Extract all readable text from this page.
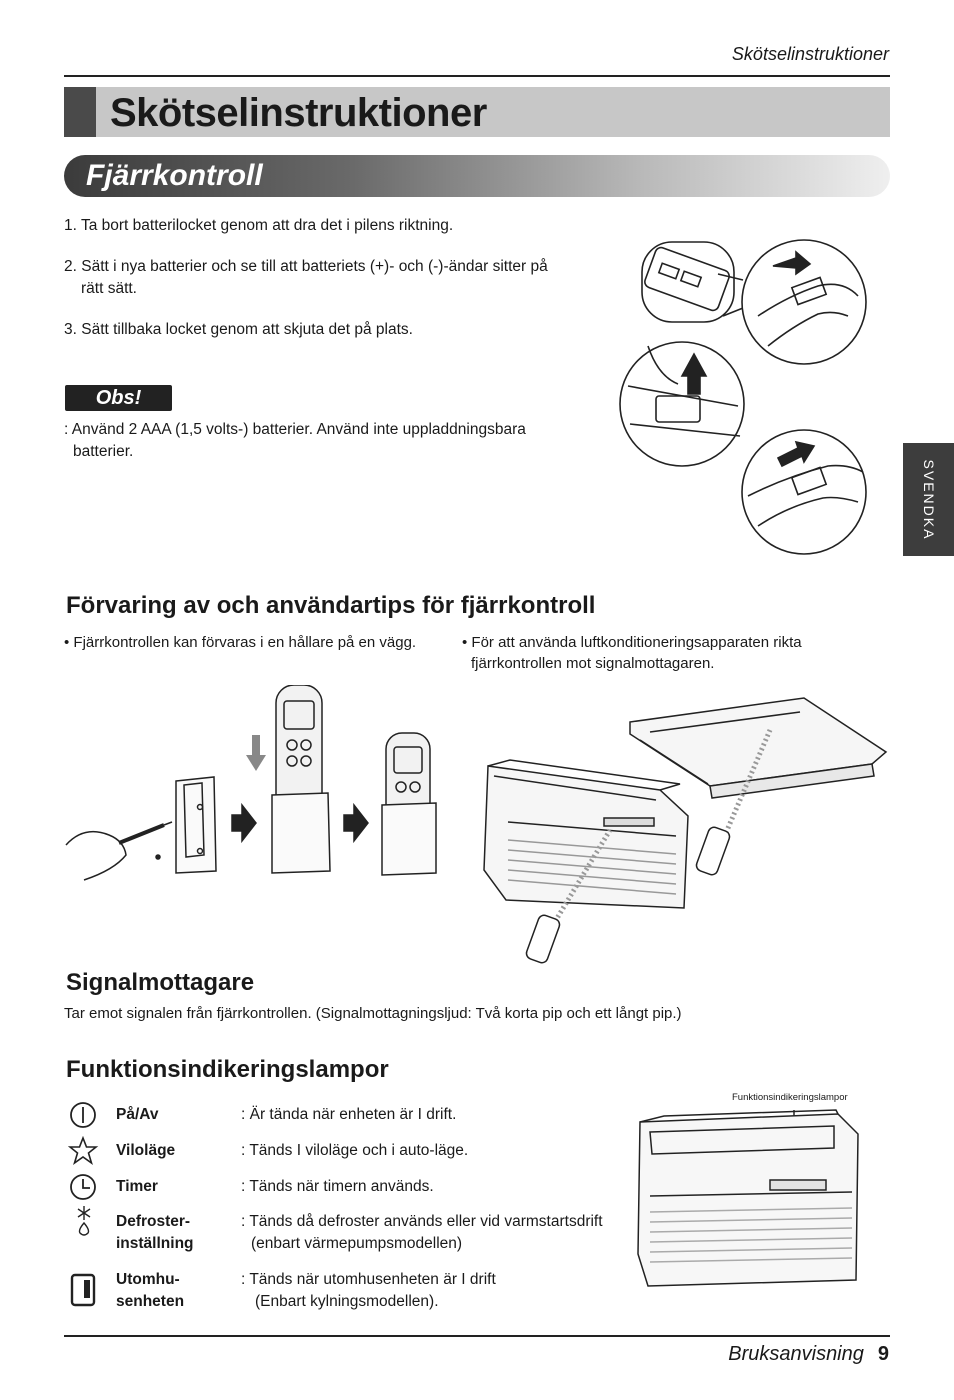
Skötselinstruktioner
Skötselinstruktioner
Fjärrkontroll
1. Ta bort batterilocket genom att dra det i pilens riktning.
2. Sätt i nya batterier och se till att batteriets (+)- och (-)-ändar sitter på
rätt sätt.
3. Sätt tillbaka locket genom att skjuta det på plats.
Obs!
: Använd 2 AAA (1,5 volts-) batterier. Använd inte uppladdningsbara
batterier.
SVENDKA
Förvaring av och användartips för fjärrkontroll
• Fjärrkontrollen kan förvaras i en hållare på en vägg.	• För att använda luftkonditioneringsapparaten rikta
fjärrkontrollen mot signalmottagaren.
Signalmottagare
Tar emot signalen från fjärrkontrollen. (Signalmottagningsljud: Två korta pip och ett långt pip.)
Funktionsindikeringslampor
På/Av	: Är tända när enheten är I drift.
Viloläge	: Tänds I viloläge och i auto-läge.
Timer	: Tänds när timern används.
Defroster-
inställning
: Tänds då defroster används eller vid varmstartsdrift
(enbart värmepumpsmodellen)
Utomhu-
senheten
: Tänds när utomhusenheten är I drift
(Enbart kylningsmodellen).
Funktionsindikeringslampor
Bruksanvisning 9
